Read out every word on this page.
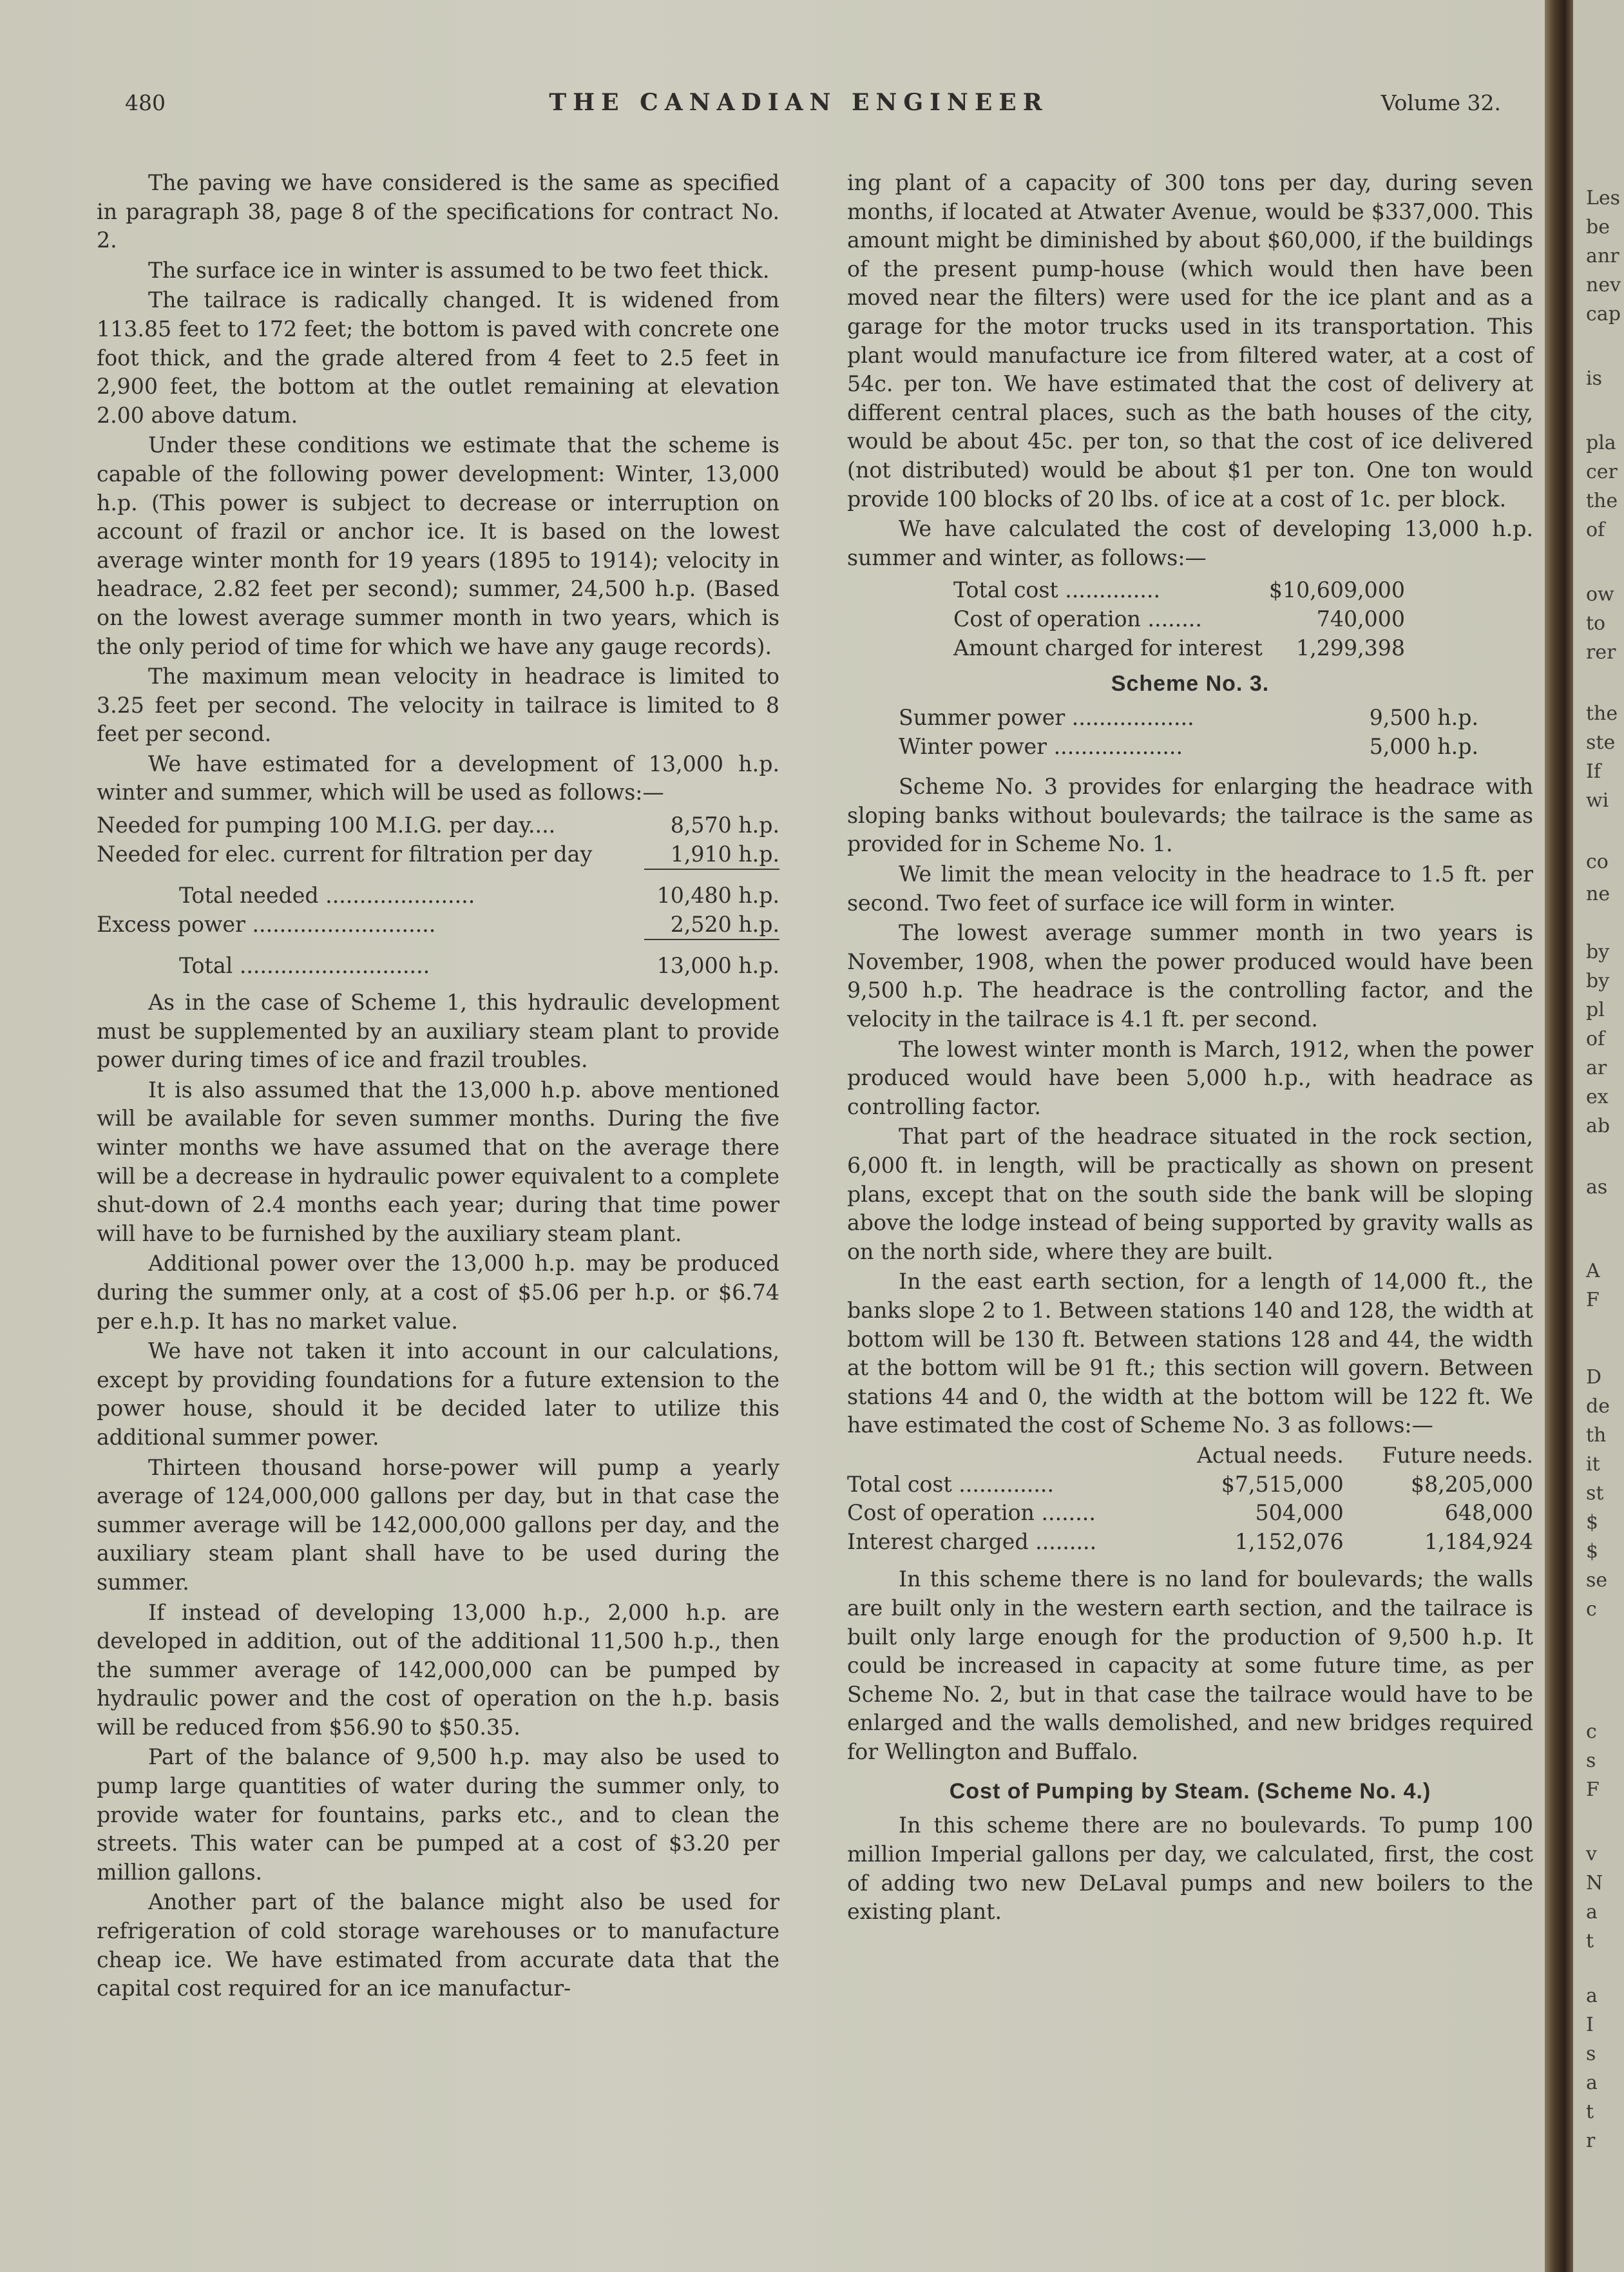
480	THE CANADIAN ENGINEER	Volume 32.

The paving we have considered is the same as specified in paragraph 38, page 8 of the specifications for contract No. 2.

The surface ice in winter is assumed to be two feet thick.

The tailrace is radically changed. It is widened from 113.85 feet to 172 feet; the bottom is paved with concrete one foot thick, and the grade altered from 4 feet to 2.5 feet in 2,900 feet, the bottom at the outlet remaining at elevation 2.00 above datum.

Under these conditions we estimate that the scheme is capable of the following power development: Winter, 13,000 h.p. (This power is subject to decrease or interruption on account of frazil or anchor ice. It is based on the lowest average winter month for 19 years (1895 to 1914); velocity in headrace, 2.82 feet per second); summer, 24,500 h.p. (Based on the lowest average summer month in two years, which is the only period of time for which we have any gauge records).

The maximum mean velocity in headrace is limited to 3.25 feet per second. The velocity in tailrace is limited to 8 feet per second.

We have estimated for a development of 13,000 h.p. winter and summer, which will be used as follows:—

Needed for pumping 100 M.I.G. per day....	8,570 h.p.
Needed for elec. current for filtration per day	1,910 h.p.

Total needed ......................	10,480 h.p.
Excess power ...........................	2,520 h.p.

Total ............................	13,000 h.p.

As in the case of Scheme 1, this hydraulic development must be supplemented by an auxiliary steam plant to provide power during times of ice and frazil troubles.

It is also assumed that the 13,000 h.p. above mentioned will be available for seven summer months. During the five winter months we have assumed that on the average there will be a decrease in hydraulic power equivalent to a complete shut-down of 2.4 months each year; during that time power will have to be furnished by the auxiliary steam plant.

Additional power over the 13,000 h.p. may be produced during the summer only, at a cost of $5.06 per h.p. or $6.74 per e.h.p. It has no market value.

We have not taken it into account in our calculations, except by providing foundations for a future extension to the power house, should it be decided later to utilize this additional summer power.

Thirteen thousand horse-power will pump a yearly average of 124,000,000 gallons per day, but in that case the summer average will be 142,000,000 gallons per day, and the auxiliary steam plant shall have to be used during the summer.

If instead of developing 13,000 h.p., 2,000 h.p. are developed in addition, out of the additional 11,500 h.p., then the summer average of 142,000,000 can be pumped by hydraulic power and the cost of operation on the h.p. basis will be reduced from $56.90 to $50.35.

Part of the balance of 9,500 h.p. may also be used to pump large quantities of water during the summer only, to provide water for fountains, parks etc., and to clean the streets. This water can be pumped at a cost of $3.20 per million gallons.

Another part of the balance might also be used for refrigeration of cold storage warehouses or to manufacture cheap ice. We have estimated from accurate data that the capital cost required for an ice manufactur-

ing plant of a capacity of 300 tons per day, during seven months, if located at Atwater Avenue, would be $337,000. This amount might be diminished by about $60,000, if the buildings of the present pump-house (which would then have been moved near the filters) were used for the ice plant and as a garage for the motor trucks used in its transportation. This plant would manufacture ice from filtered water, at a cost of 54c. per ton. We have estimated that the cost of delivery at different central places, such as the bath houses of the city, would be about 45c. per ton, so that the cost of ice delivered (not distributed) would be about $1 per ton. One ton would provide 100 blocks of 20 lbs. of ice at a cost of 1c. per block.

We have calculated the cost of developing 13,000 h.p. summer and winter, as follows:—

Total cost ..............	$10,609,000
Cost of operation ........	740,000
Amount charged for interest	1,299,398
Scheme No. 3.
Summer power ..................	9,500 h.p.
Winter power ...................	5,000 h.p.

Scheme No. 3 provides for enlarging the headrace with sloping banks without boulevards; the tailrace is the same as provided for in Scheme No. 1.

We limit the mean velocity in the headrace to 1.5 ft. per second. Two feet of surface ice will form in winter.

The lowest average summer month in two years is November, 1908, when the power produced would have been 9,500 h.p. The headrace is the controlling factor, and the velocity in the tailrace is 4.1 ft. per second.

The lowest winter month is March, 1912, when the power produced would have been 5,000 h.p., with headrace as controlling factor.

That part of the headrace situated in the rock section, 6,000 ft. in length, will be practically as shown on present plans, except that on the south side the bank will be sloping above the lodge instead of being supported by gravity walls as on the north side, where they are built.

In the east earth section, for a length of 14,000 ft., the banks slope 2 to 1. Between stations 140 and 128, the width at bottom will be 130 ft. Between stations 128 and 44, the width at the bottom will be 91 ft.; this section will govern. Between stations 44 and 0, the width at the bottom will be 122 ft. We have estimated the cost of Scheme No. 3 as follows:—

	Actual needs.	Future needs.
Total cost ..............	$7,515,000	$8,205,000
Cost of operation ........	504,000	648,000
Interest charged .........	1,152,076	1,184,924

In this scheme there is no land for boulevards; the walls are built only in the western earth section, and the tailrace is built only large enough for the production of 9,500 h.p. It could be increased in capacity at some future time, as per Scheme No. 2, but in that case the tailrace would have to be enlarged and the walls demolished, and new bridges required for Wellington and Buffalo.

Cost of Pumping by Steam. (Scheme No. 4.)

In this scheme there are no boulevards. To pump 100 million Imperial gallons per day, we calculated, first, the cost of adding two new DeLaval pumps and new boilers to the existing plant.

Les
be
anr
nev
cap
is
pla
cer
the
of
ow
to
rer
the
ste
If
wi
co
ne
by
by
pl
of
ar
ex
ab
as
A
F
D
de
th
it
st
$
$
se
c
c
s
F
v
N
a
t
a
I
s
a
t
r
